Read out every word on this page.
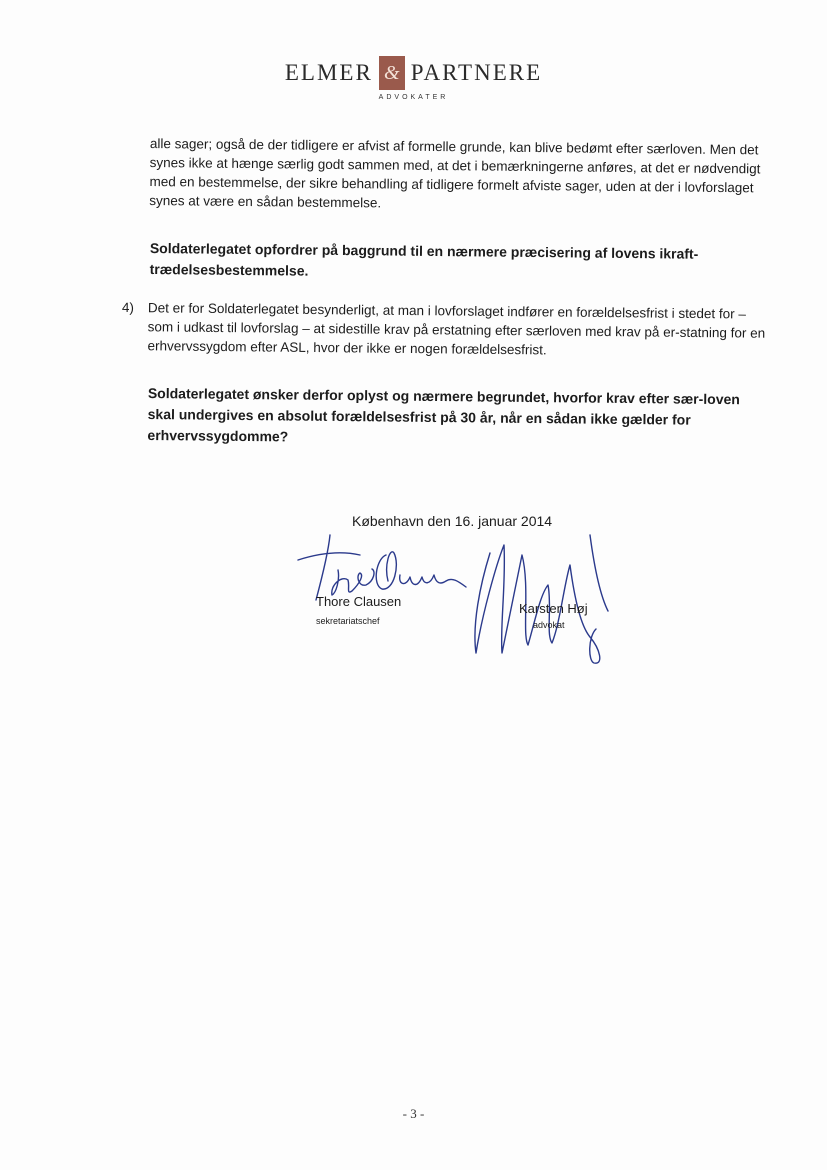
ELMER & PARTNERE
ADVOKATER

alle sager; også de der tidligere er afvist af formelle grunde, kan blive bedømt efter særloven. Men det synes ikke at hænge særlig godt sammen med, at det i bemærkningerne anføres, at det er nødvendigt med en bestemmelse, der sikre behandling af tidligere formelt afviste sager, uden at der i lovforslaget synes at være en sådan bestemmelse.

Soldaterlegatet opfordrer på baggrund til en nærmere præcisering af lovens ikraft-trædelsesbestemmelse.

4)	Det er for Soldaterlegatet besynderligt, at man i lovforslaget indfører en forældelsesfrist i stedet for – som i udkast til lovforslag – at sidestille krav på erstatning efter særloven med krav på er-statning for en erhvervssygdom efter ASL, hvor der ikke er nogen forældelsesfrist.

Soldaterlegatet ønsker derfor oplyst og nærmere begrundet, hvorfor krav efter sær-loven skal undergives en absolut forældelsesfrist på 30 år, når en sådan ikke gælder for erhvervssygdomme?

København den 16. januar 2014
Thore Clausen
sekretariatschef
Karsten Høj
advokat
- 3 -
